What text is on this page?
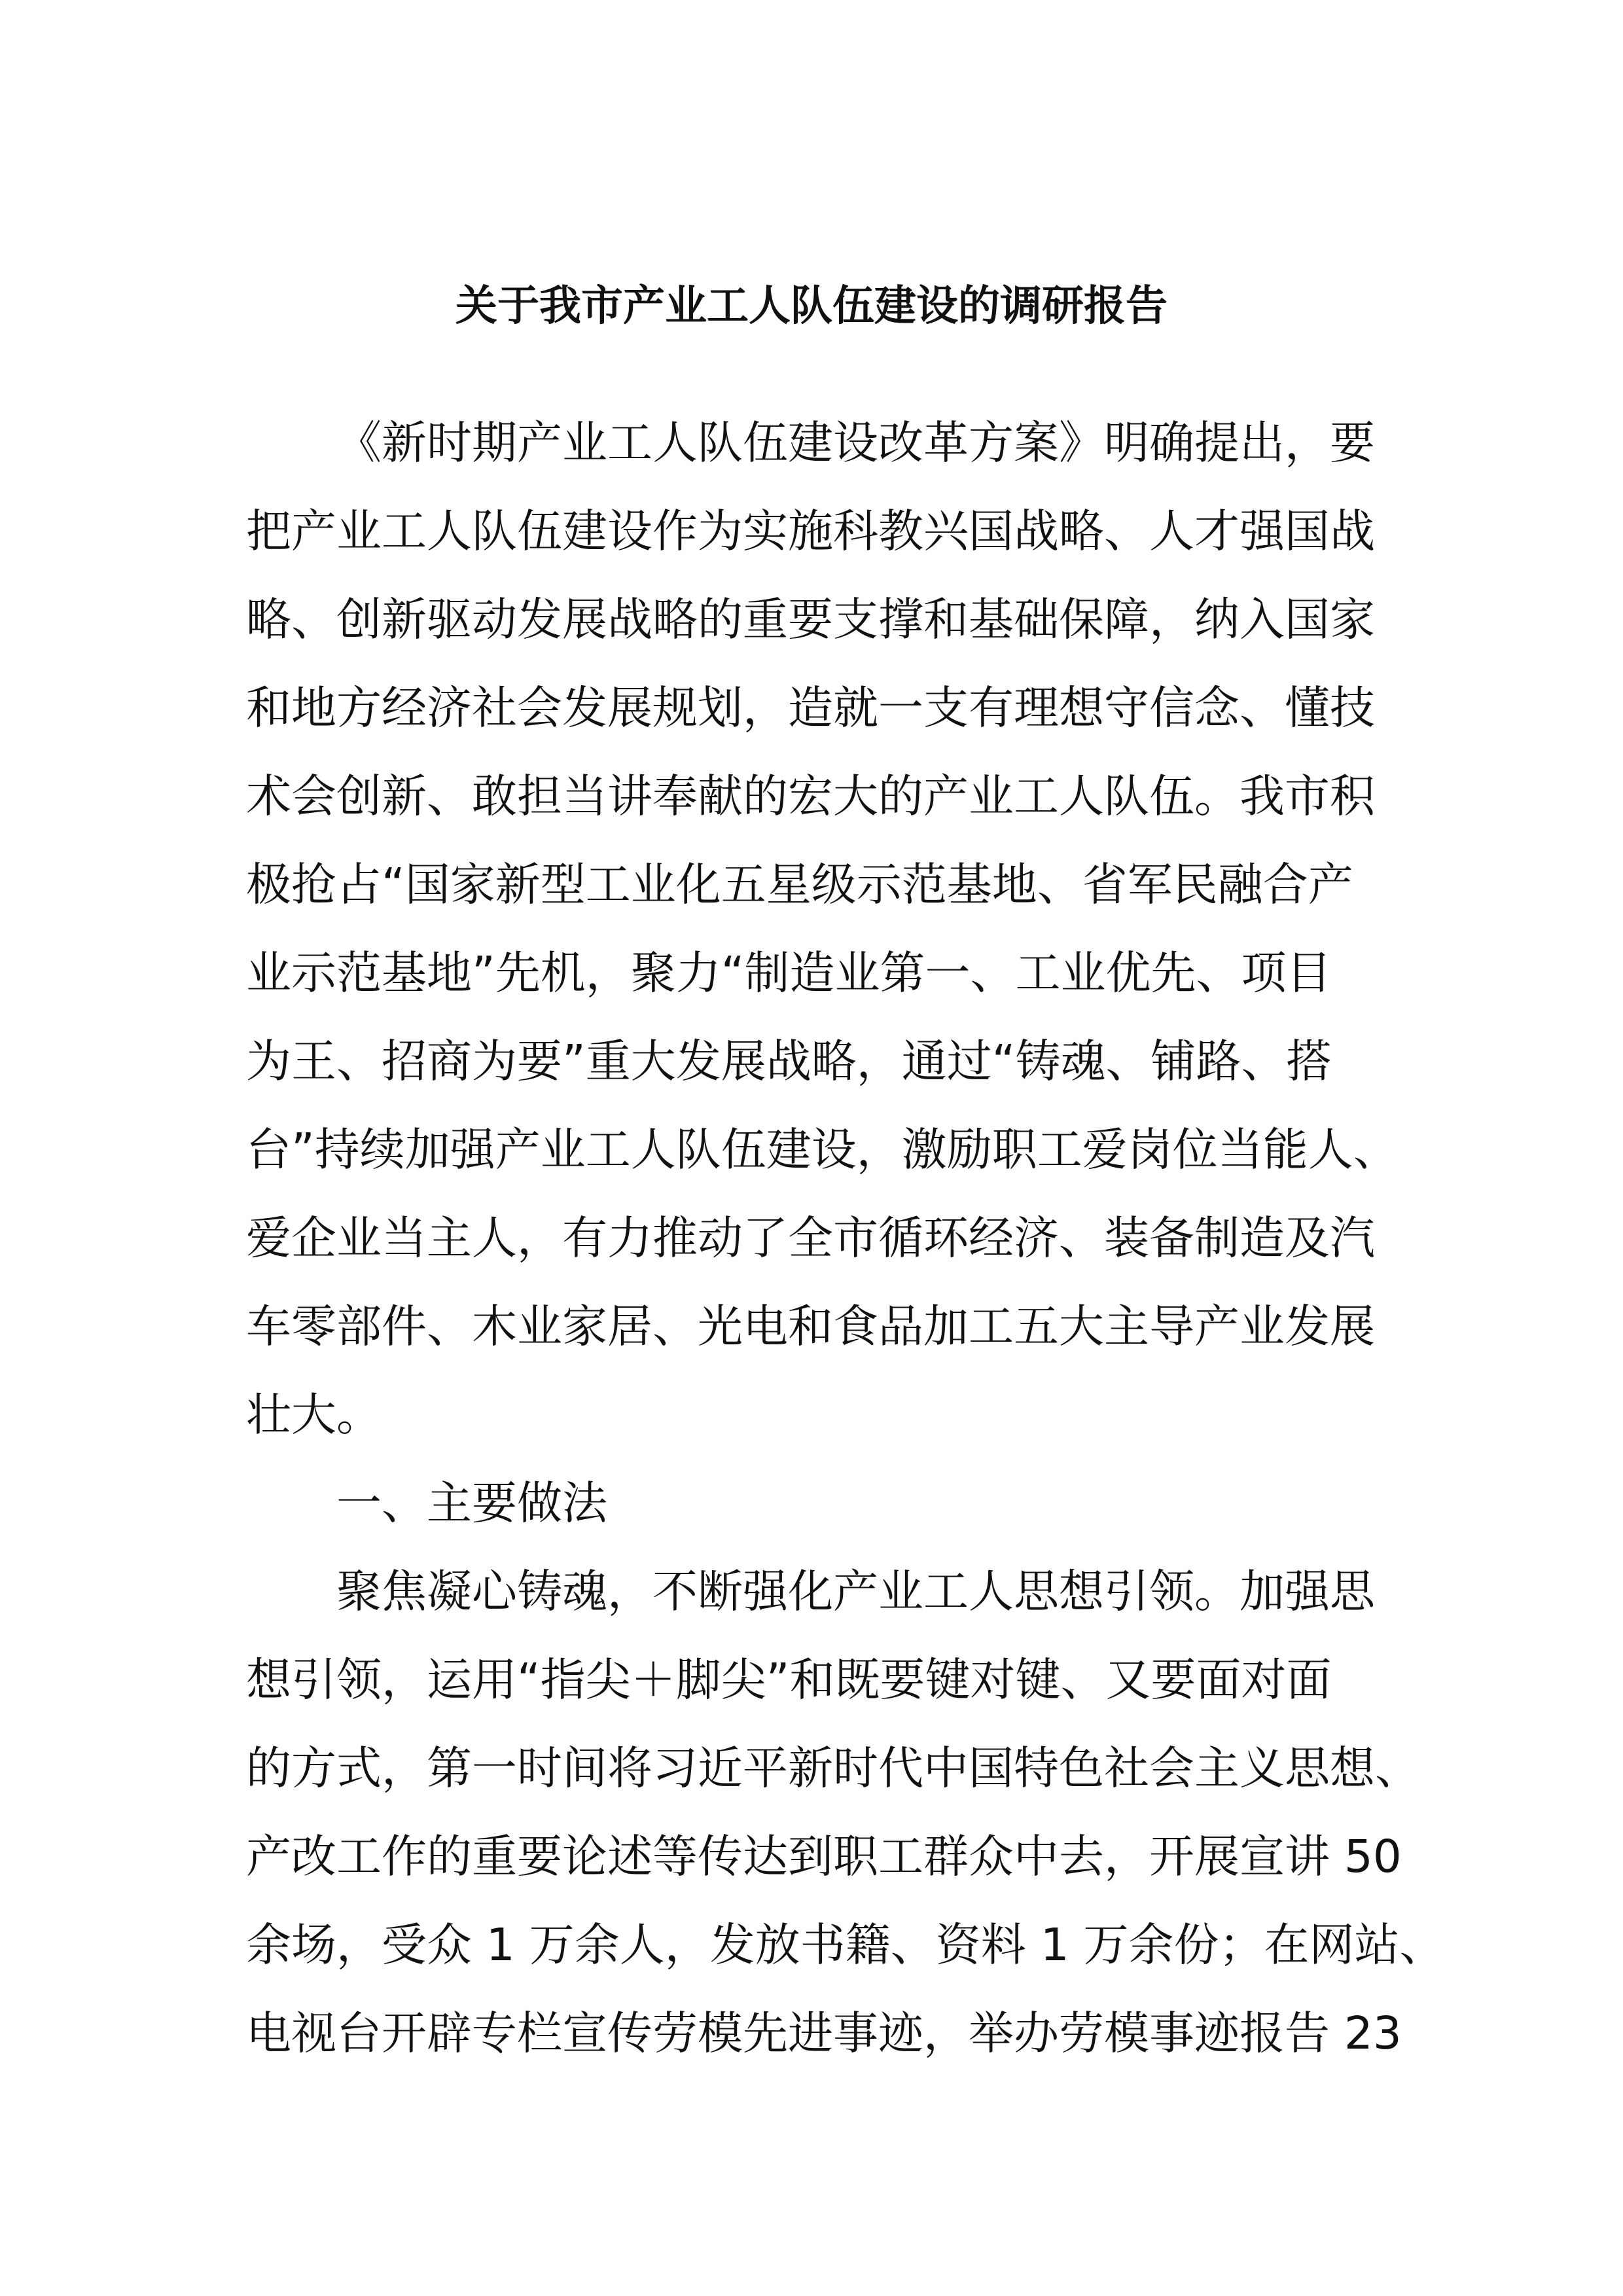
关于我市产业工人队伍建设的调研报告

《新时期产业工人队伍建设改革方案》明确提出，要

把产业工人队伍建设作为实施科教兴国战略、人才强国战

略、创新驱动发展战略的重要支撑和基础保障，纳入国家

和地方经济社会发展规划，造就一支有理想守信念、懂技

术会创新、敢担当讲奉献的宏大的产业工人队伍。我市积

极抢占“国家新型工业化五星级示范基地、省军民融合产

业示范基地”先机，聚力“制造业第一、工业优先、项目

为王、招商为要”重大发展战略，通过“铸魂、铺路、搭

台”持续加强产业工人队伍建设，激励职工爱岗位当能人、

爱企业当主人，有力推动了全市循环经济、装备制造及汽

车零部件、木业家居、光电和食品加工五大主导产业发展

壮大。

一、主要做法

聚焦凝心铸魂，不断强化产业工人思想引领。加强思

想引领，运用“指尖＋脚尖”和既要键对键、又要面对面

的方式，第一时间将习近平新时代中国特色社会主义思想、

产改工作的重要论述等传达到职工群众中去，开展宣讲 50

余场，受众 1 万余人，发放书籍、资料 1 万余份；在网站、

电视台开辟专栏宣传劳模先进事迹，举办劳模事迹报告 23
